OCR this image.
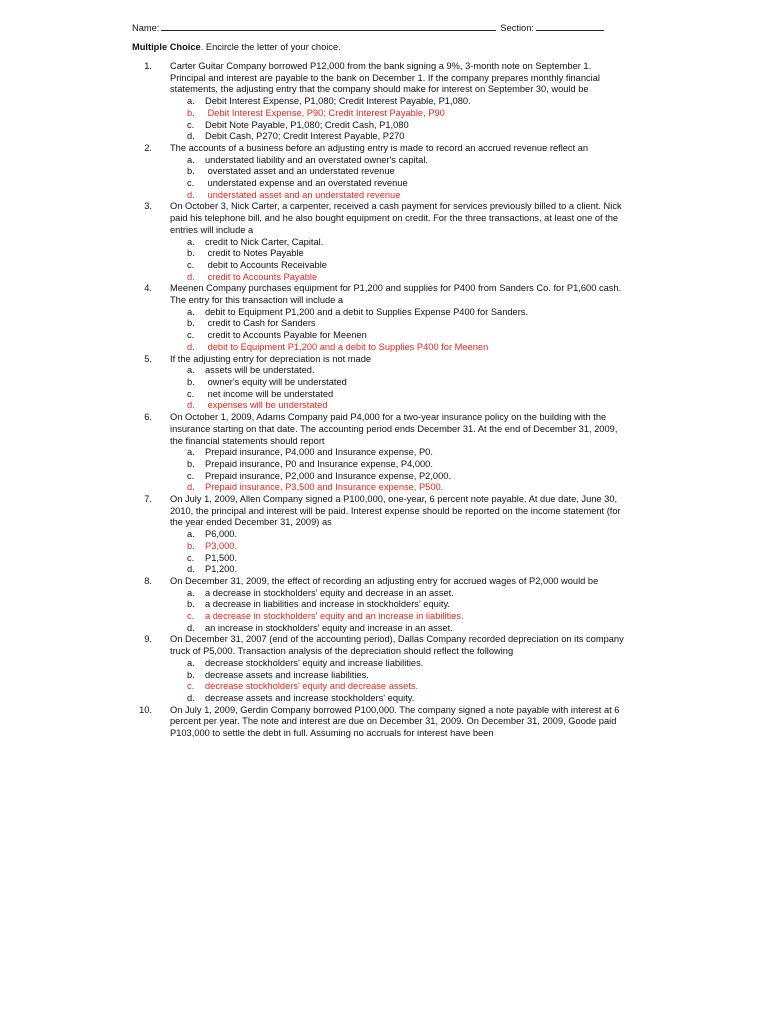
Name:	Section:
Multiple Choice. Encircle the letter of your choice.
1.	Carter Guitar Company borrowed P12,000 from the bank signing a 9%, 3-month note on September 1. Principal and interest are payable to the bank on December 1. If the company prepares monthly financial statements, the adjusting entry that the company should make for interest on September 30, would be
a.	Debit Interest Expense, P1,080; Credit Interest Payable, P1,080.
b.	Debit Interest Expense, P90; Credit Interest Payable, P90
c.	Debit Note Payable, P1,080; Credit Cash, P1,080
d.	Debit Cash, P270; Credit Interest Payable, P270
2.	The accounts of a business before an adjusting entry is made to record an accrued revenue reflect an
a.	understated liability and an overstated owner's capital.
b.	overstated asset and an understated revenue
c.	understated expense and an overstated revenue
d.	understated asset and an understated revenue
3.	On October 3, Nick Carter, a carpenter, received a cash payment for services previously billed to a client. Nick paid his telephone bill, and he also bought equipment on credit. For the three transactions, at least one of the entries will include a
a.	credit to Nick Carter, Capital.
b.	credit to Notes Payable
c.	debit to Accounts Receivable
d.	credit to Accounts Payable
4.	Meenen Company purchases equipment for P1,200 and supplies for P400 from Sanders Co. for P1,600 cash. The entry for this transaction will include a
a.	debit to Equipment P1,200 and a debit to Supplies Expense P400 for Sanders.
b.	credit to Cash for Sanders
c.	credit to Accounts Payable for Meenen
d.	debit to Equipment P1,200 and a debit to Supplies P400 for Meenen
5.	If the adjusting entry for depreciation is not made
a.	assets will be understated.
b.	owner's equity will be understated
c.	net income will be understated
d.	expenses will be understated
6.	On October 1, 2009, Adams Company paid P4,000 for a two-year insurance policy on the building with the insurance starting on that date. The accounting period ends December 31. At the end of December 31, 2009, the financial statements should report
a.	Prepaid insurance, P4,000 and Insurance expense, P0.
b.	Prepaid insurance, P0 and Insurance expense, P4,000.
c.	Prepaid insurance, P2,000 and Insurance expense, P2,000.
d.	Prepaid insurance, P3,500 and Insurance expense, P500.
7.	On July 1, 2009, Allen Company signed a P100,000, one-year, 6 percent note payable. At due date, June 30, 2010, the principal and interest will be paid. Interest expense should be reported on the income statement (for the year ended December 31, 2009) as
a.	P6,000.
b.	P3,000.
c.	P1,500.
d.	P1,200.
8.	On December 31, 2009, the effect of recording an adjusting entry for accrued wages of P2,000 would be
a.	a decrease in stockholders' equity and decrease in an asset.
b.	a decrease in liabilities and increase in stockholders' equity.
c.	a decrease in stockholders' equity and an increase in liabilities.
d.	an increase in stockholders' equity and increase in an asset.
9.	On December 31, 2007 (end of the accounting period), Dallas Company recorded depreciation on its company truck of P5,000. Transaction analysis of the depreciation should reflect the following
a.	decrease stockholders' equity and increase liabilities.
b.	decrease assets and increase liabilities.
c.	decrease stockholders' equity and decrease assets.
d.	decrease assets and increase stockholders' equity.
10.	On July 1, 2009, Gerdin Company borrowed P100,000. The company signed a note payable with interest at 6 percent per year. The note and interest are due on December 31, 2009. On December 31, 2009, Goode paid P103,000 to settle the debt in full. Assuming no accruals for interest have been
